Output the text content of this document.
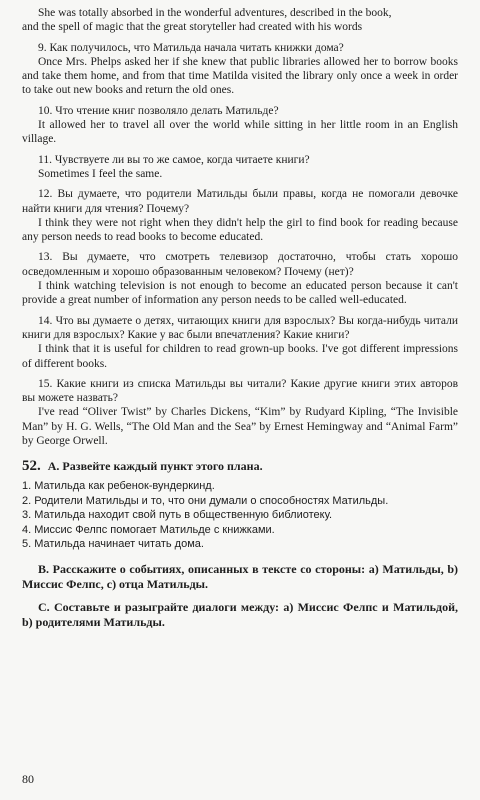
She was totally absorbed in the wonderful adventures, described in the book,
and the spell of magic that the great storyteller had created with his words
9. Как получилось, что Матильда начала читать книжки дома?
Once Mrs. Phelps asked her if she knew that public libraries allowed her to borrow books and take them home, and from that time Matilda visited the library only once a week in order to take out new books and return the old ones.
10. Что чтение книг позволяло делать Матильде?
It allowed her to travel all over the world while sitting in her little room in an English village.
11. Чувствуете ли вы то же самое, когда читаете книги?
Sometimes I feel the same.
12. Вы думаете, что родители Матильды были правы, когда не помогали девочке найти книги для чтения? Почему?
I think they were not right when they didn't help the girl to find book for reading because any person needs to read books to become educated.
13. Вы думаете, что смотреть телевизор достаточно, чтобы стать хорошо осведомленным и хорошо образованным человеком? Почему (нет)?
I think watching television is not enough to become an educated person because it can't provide a great number of information any person needs to be called well-educated.
14. Что вы думаете о детях, читающих книги для взрослых? Вы когда-нибудь читали книги для взрослых? Какие у вас были впечатления? Какие книги?
I think that it is useful for children to read grown-up books. I've got different impressions of different books.
15. Какие книги из списка Матильды вы читали? Какие другие книги этих авторов вы можете назвать?
I've read “Oliver Twist” by Charles Dickens, “Kim” by Rudyard Kipling, “The Invisible Man” by H. G. Wells, “The Old Man and the Sea” by Ernest Hemingway and “Animal Farm” by George Orwell.
52. А. Развейте каждый пункт этого плана.
1. Матильда как ребенок-вундеркинд.
2. Родители Матильды и то, что они думали о способностях Матильды.
3. Матильда находит свой путь в общественную библиотеку.
4. Миссис Фелпс помогает Матильде с книжками.
5. Матильда начинает читать дома.

В. Расскажите о событиях, описанных в тексте со стороны: a) Матильды, b) Миссис Фелпс, c) отца Матильды.

С. Составьте и разыграйте диалоги между: а) Миссис Фелпс и Матильдой, b) родителями Матильды.

80
